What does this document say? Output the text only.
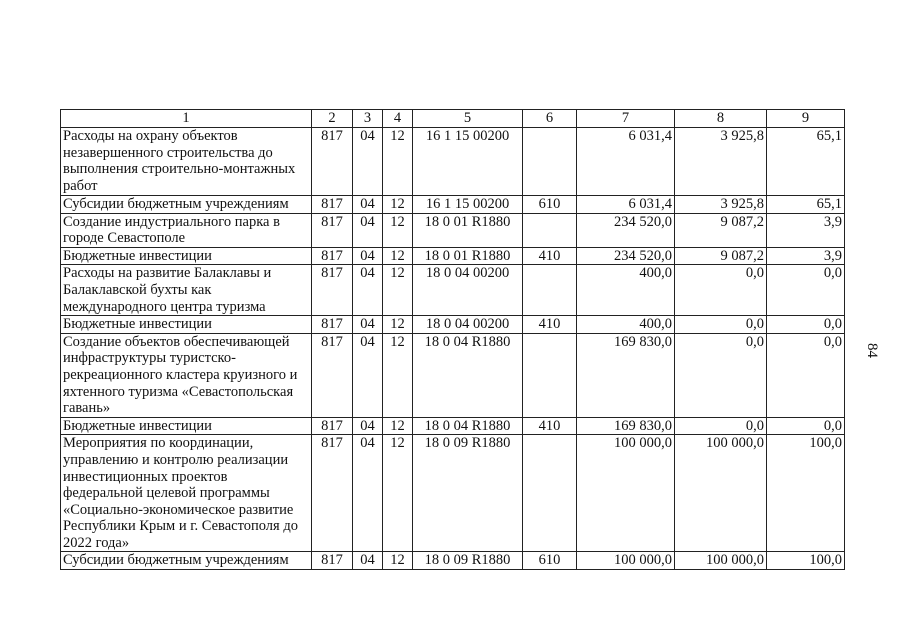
1	2	3	4	5	6	7	8	9
Расходы на охрану объектов незавершенного строительства до выполнения строительно-монтажных работ	817	04	12	16 1 15 00200		6 031,4	3 925,8	65,1
Субсидии бюджетным учреждениям	817	04	12	16 1 15 00200	610	6 031,4	3 925,8	65,1
Создание индустриального парка в городе Севастополе	817	04	12	18 0 01 R1880		234 520,0	9 087,2	3,9
Бюджетные инвестиции	817	04	12	18 0 01 R1880	410	234 520,0	9 087,2	3,9
Расходы на развитие Балаклавы и Балаклавской бухты как международного центра туризма	817	04	12	18 0 04 00200		400,0	0,0	0,0
Бюджетные инвестиции	817	04	12	18 0 04 00200	410	400,0	0,0	0,0
Создание объектов обеспечивающей инфраструктуры туристско-рекреационного кластера круизного и яхтенного туризма «Севастопольская гавань»	817	04	12	18 0 04 R1880		169 830,0	0,0	0,0
Бюджетные инвестиции	817	04	12	18 0 04 R1880	410	169 830,0	0,0	0,0
Мероприятия по координации, управлению и контролю реализации инвестиционных проектов федеральной целевой программы «Социально-экономическое развитие Республики Крым и г. Севастополя до 2022 года»	817	04	12	18 0 09 R1880		100 000,0	100 000,0	100,0
Субсидии бюджетным учреждениям	817	04	12	18 0 09 R1880	610	100 000,0	100 000,0	100,0
84
